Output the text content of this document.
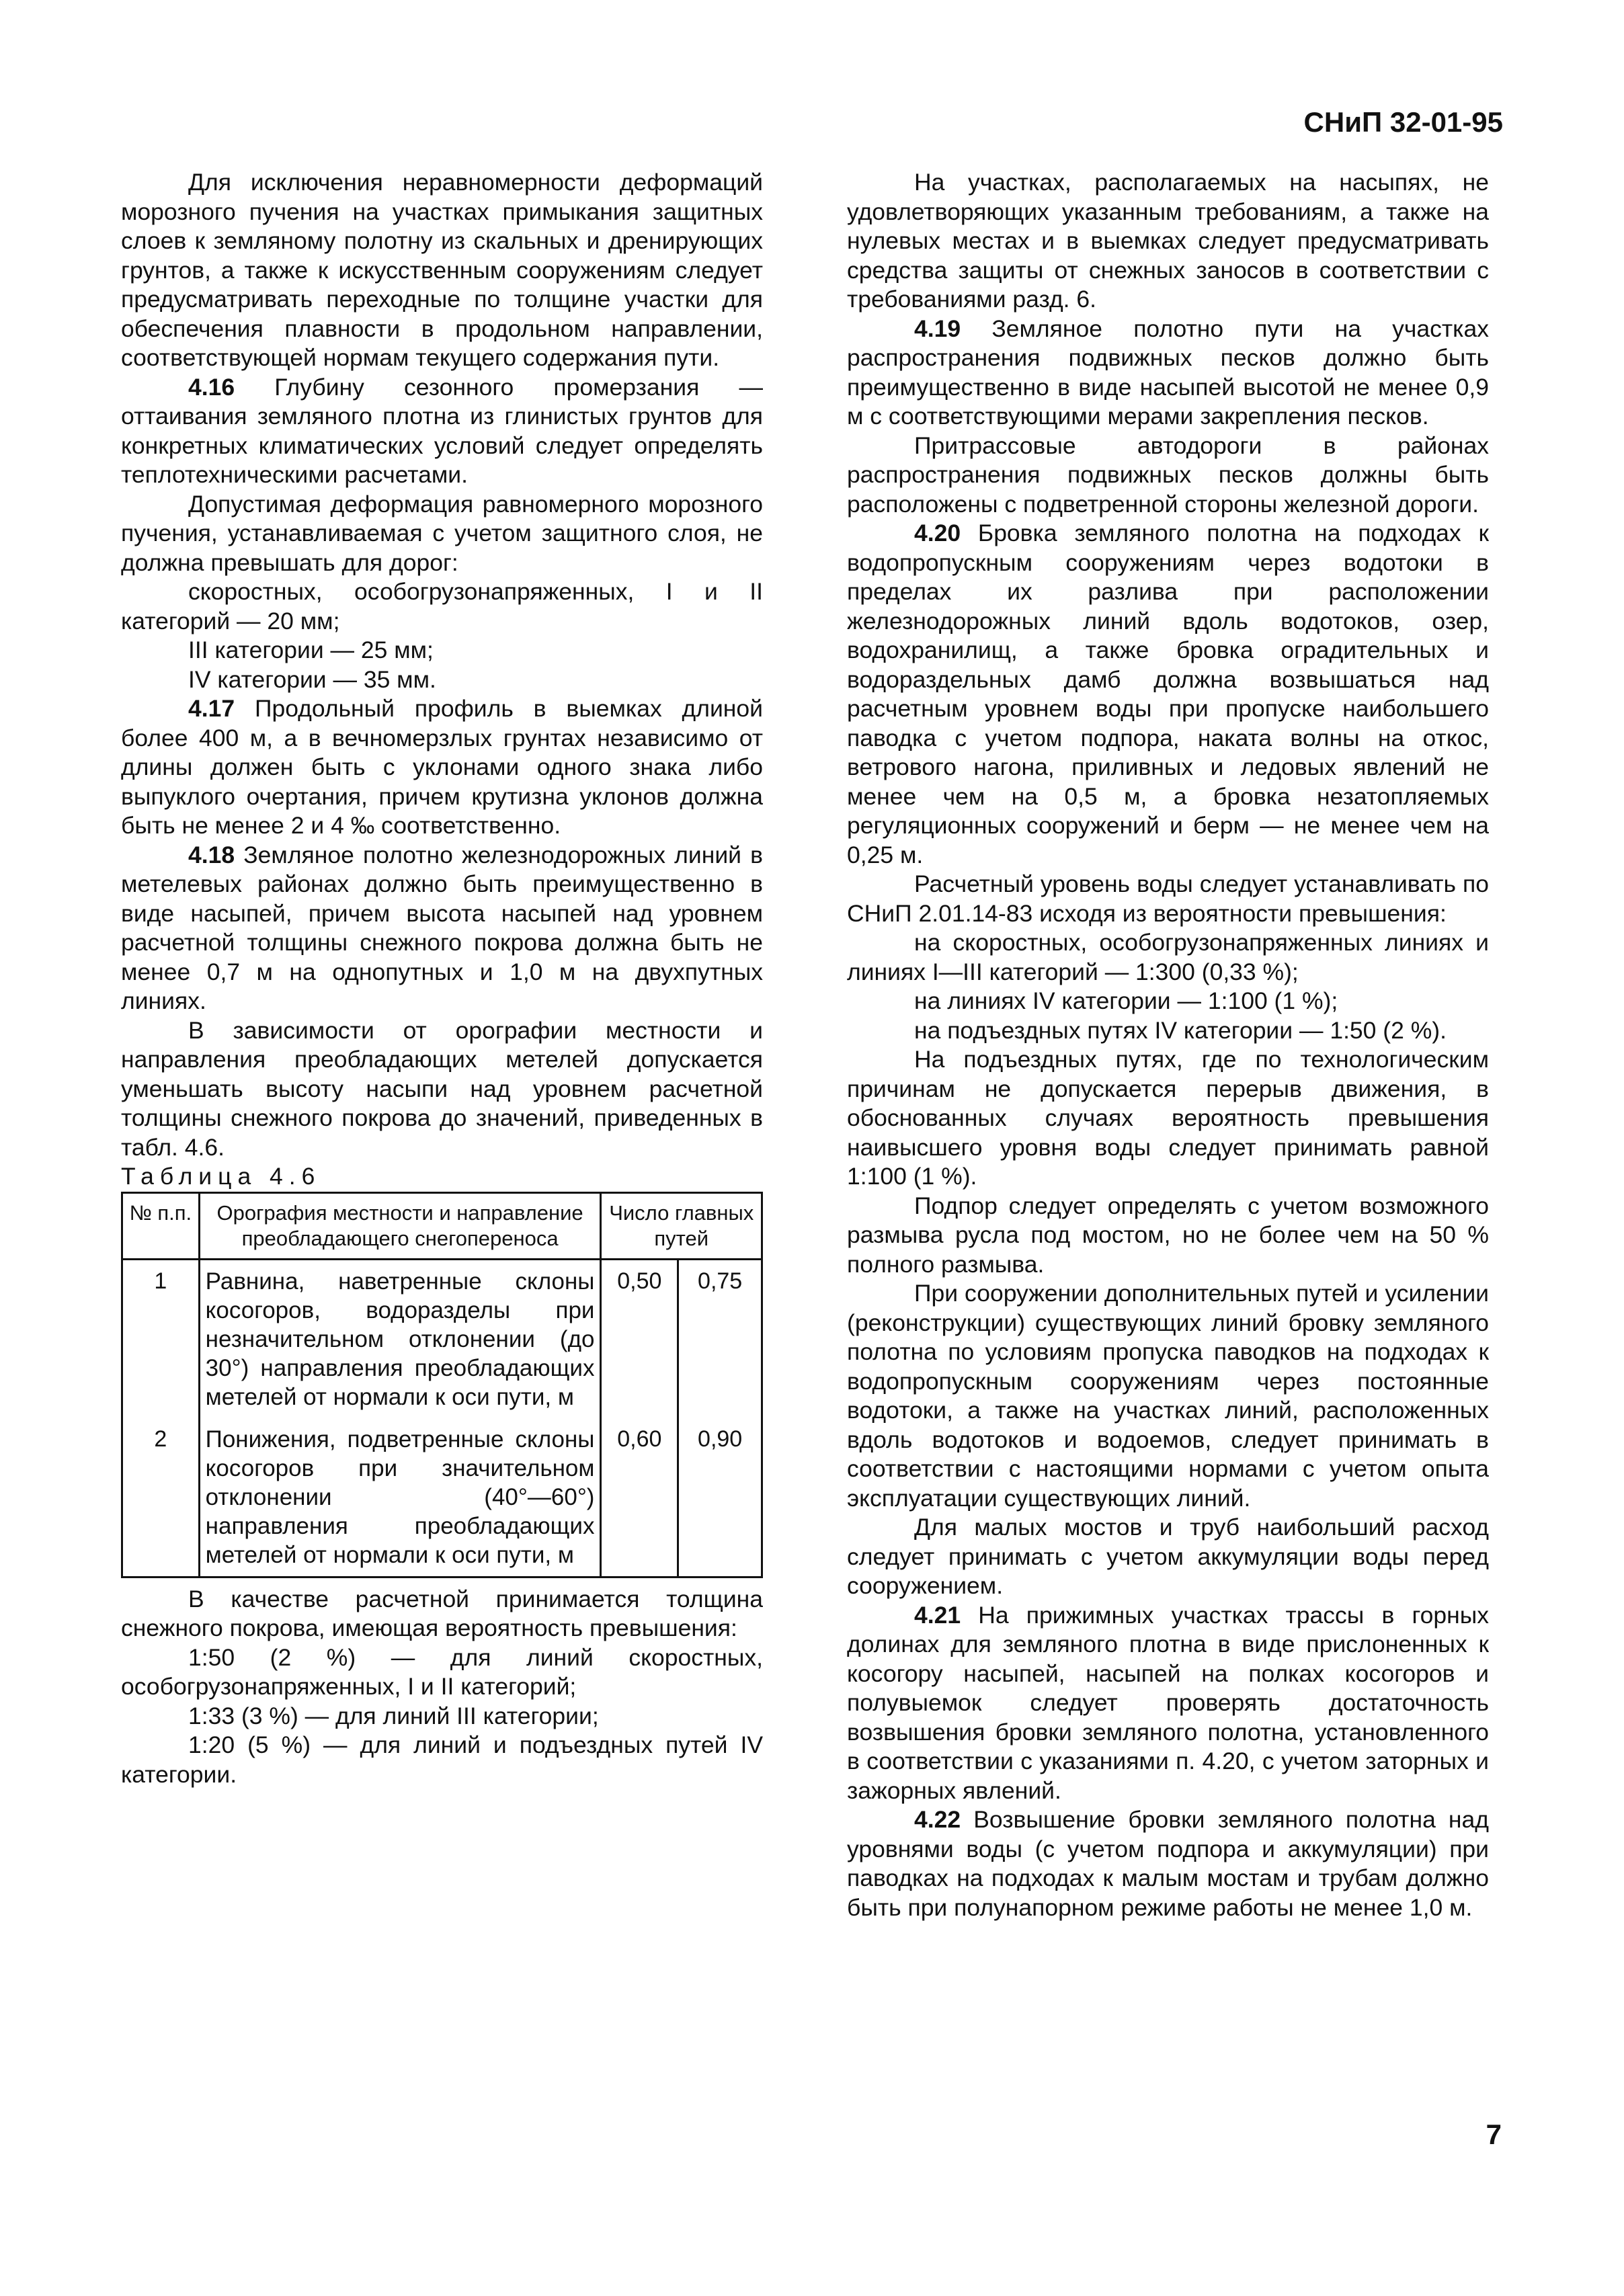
СНиП 32-01-95

Для исключения неравномерности деформаций морозного пучения на участках примыкания защитных слоев к земляному полотну из скальных и дренирующих грунтов, а также к искусственным сооружениям следует предусматривать переходные по толщине участки для обеспечения плавности в продольном направлении, соответствующей нормам текущего содержания пути.

4.16 Глубину сезонного промерзания — оттаивания земляного плотна из глинистых грунтов для конкретных климатических условий следует определять теплотехническими расчетами.

Допустимая деформация равномерного морозного пучения, устанавливаемая с учетом защитного слоя, не должна превышать для дорог:

скоростных, особогрузонапряженных, I и II категорий — 20 мм;

III категории — 25 мм;

IV категории — 35 мм.

4.17 Продольный профиль в выемках длиной более 400 м, а в вечномерзлых грунтах независимо от длины должен быть с уклонами одного знака либо выпуклого очертания, причем крутизна уклонов должна быть не менее 2 и 4 ‰ соответственно.

4.18 Земляное полотно железнодорожных линий в метелевых районах должно быть преимущественно в виде насыпей, причем высота насыпей над уровнем расчетной толщины снежного покрова должна быть не менее 0,7 м на однопутных и 1,0 м на двухпутных линиях.

В зависимости от орографии местности и направления преобладающих метелей допускается уменьшать высоту насыпи над уровнем расчетной толщины снежного покрова до значений, приведенных в табл. 4.6.

Таблица 4.6

№ п.п.	Орография местности и направление преобладающего снегопереноса	Число главных путей	
1	Равнина, наветренные склоны косогоров, водоразделы при незначительном отклонении (до 30°) направления преобладающих метелей от нормали к оси пути, м	0,50	0,75
2	Понижения, подветренные склоны косогоров при значительном отклонении (40°—60°) направления преобладающих метелей от нормали к оси пути, м	0,60	0,90

В качестве расчетной принимается толщина снежного покрова, имеющая вероятность превышения:

1:50 (2 %) — для линий скоростных, особогрузонапряженных, I и II категорий;

1:33 (3 %) — для линий III категории;

1:20 (5 %) — для линий и подъездных путей IV категории.

На участках, располагаемых на насыпях, не удовлетворяющих указанным требованиям, а также на нулевых местах и в выемках следует предусматривать средства защиты от снежных заносов в соответствии с требованиями разд. 6.

4.19 Земляное полотно пути на участках распространения подвижных песков должно быть преимущественно в виде насыпей высотой не менее 0,9 м с соответствующими мерами закрепления песков.

Притрассовые автодороги в районах распространения подвижных песков должны быть расположены с подветренной стороны железной дороги.

4.20 Бровка земляного полотна на подходах к водопропускным сооружениям через водотоки в пределах их разлива при расположении железнодорожных линий вдоль водотоков, озер, водохранилищ, а также бровка оградительных и водораздельных дамб должна возвышаться над расчетным уровнем воды при пропуске наибольшего паводка с учетом подпора, наката волны на откос, ветрового нагона, приливных и ледовых явлений не менее чем на 0,5 м, а бровка незатопляемых регуляционных сооружений и берм — не менее чем на 0,25 м.

Расчетный уровень воды следует устанавливать по СНиП 2.01.14-83 исходя из вероятности превышения:

на скоростных, особогрузонапряженных линиях и линиях I—III категорий — 1:300 (0,33 %);

на линиях IV категории — 1:100 (1 %);

на подъездных путях IV категории — 1:50 (2 %).

На подъездных путях, где по технологическим причинам не допускается перерыв движения, в обоснованных случаях вероятность превышения наивысшего уровня воды следует принимать равной 1:100 (1 %).

Подпор следует определять с учетом возможного размыва русла под мостом, но не более чем на 50 % полного размыва.

При сооружении дополнительных путей и усилении (реконструкции) существующих линий бровку земляного полотна по условиям пропуска паводков на подходах к водопропускным сооружениям через постоянные водотоки, а также на участках линий, расположенных вдоль водотоков и водоемов, следует принимать в соответствии с настоящими нормами с учетом опыта эксплуатации существующих линий.

Для малых мостов и труб наибольший расход следует принимать с учетом аккумуляции воды перед сооружением.

4.21 На прижимных участках трассы в горных долинах для земляного плотна в виде прислоненных к косогору насыпей, насыпей на полках косогоров и полувыемок следует проверять достаточность возвышения бровки земляного полотна, установленного в соответствии с указаниями п. 4.20, с учетом заторных и зажорных явлений.

4.22 Возвышение бровки земляного полотна над уровнями воды (с учетом подпора и аккумуляции) при паводках на подходах к малым мостам и трубам должно быть при полунапорном режиме работы не менее 1,0 м.

7
